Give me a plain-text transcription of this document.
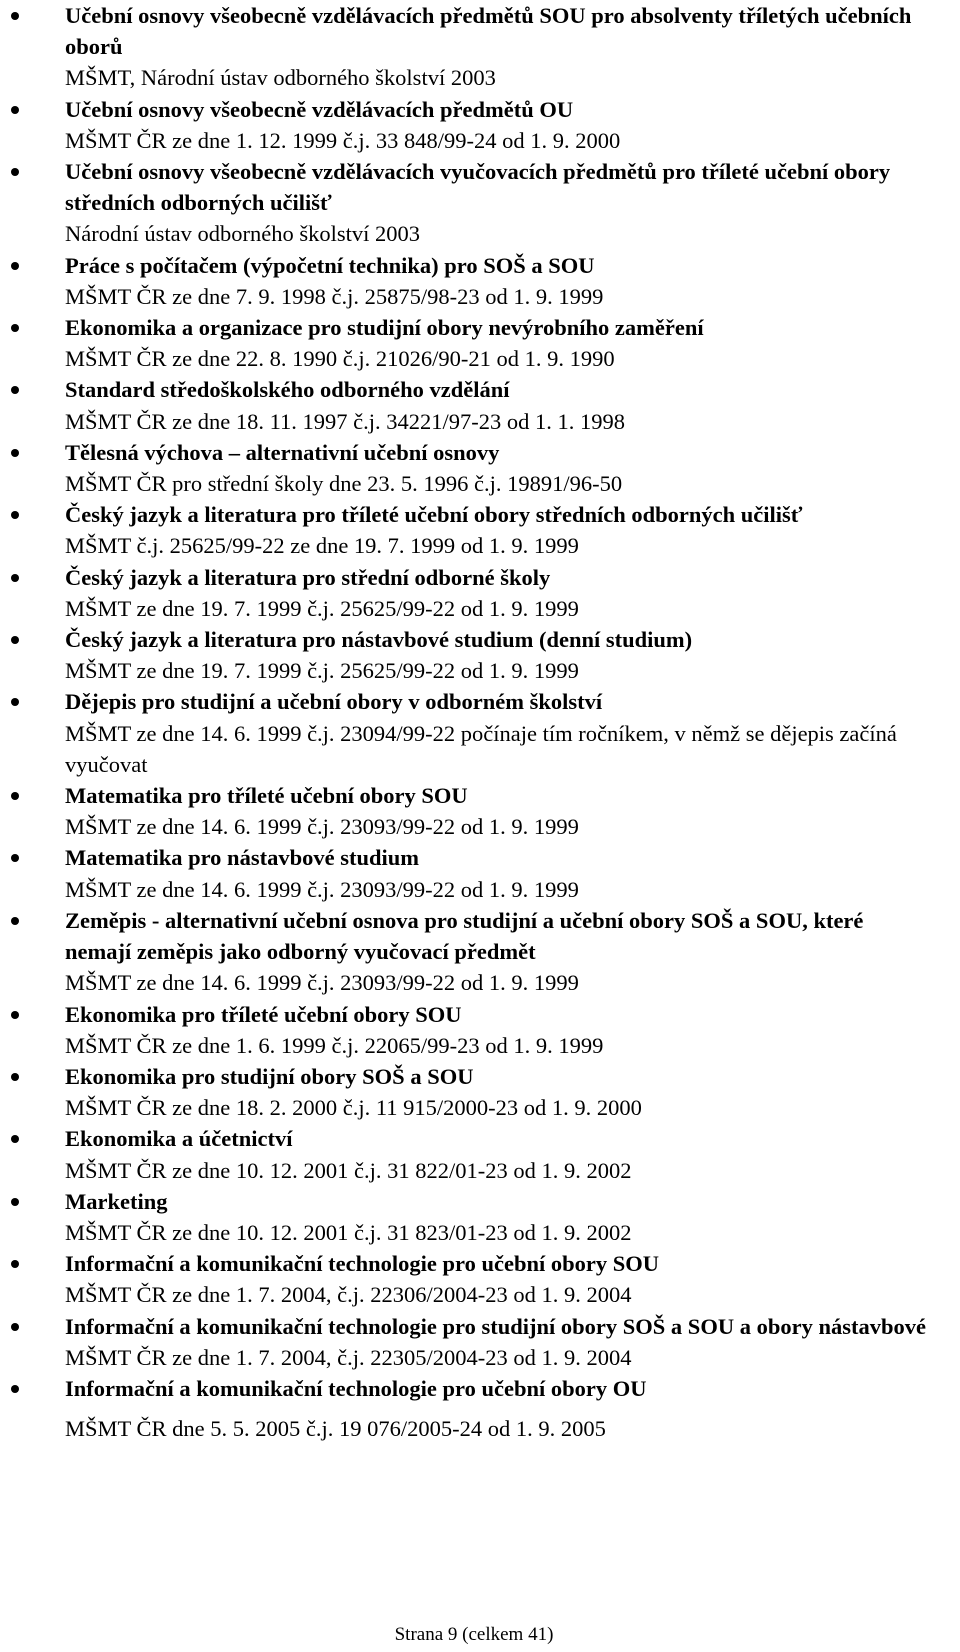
Učební osnovy všeobecně vzdělávacích předmětů SOU pro absolventy tříletých učebních oborů
MŠMT, Národní ústav odborného školství 2003
Učební osnovy všeobecně vzdělávacích předmětů OU
MŠMT ČR ze dne 1. 12. 1999 č.j. 33 848/99-24 od 1. 9. 2000
Učební osnovy všeobecně vzdělávacích vyučovacích předmětů pro tříleté učební obory středních odborných učilišť
Národní ústav odborného školství 2003
Práce s počítačem (výpočetní technika) pro SOŠ a SOU
MŠMT ČR ze dne 7. 9. 1998 č.j. 25875/98-23 od 1. 9. 1999
Ekonomika a organizace pro studijní obory nevýrobního zaměření
MŠMT ČR ze dne 22. 8. 1990 č.j. 21026/90-21 od 1. 9. 1990
Standard středoškolského odborného vzdělání
MŠMT ČR ze dne 18. 11. 1997 č.j. 34221/97-23 od 1. 1. 1998
Tělesná výchova – alternativní učební osnovy
MŠMT ČR pro střední školy dne 23. 5. 1996 č.j. 19891/96-50
Český jazyk a literatura pro tříleté učební obory středních odborných učilišť
MŠMT č.j. 25625/99-22 ze dne 19. 7. 1999 od 1. 9. 1999
Český jazyk a literatura pro střední odborné školy
MŠMT ze dne 19. 7. 1999 č.j. 25625/99-22 od 1. 9. 1999
Český jazyk a literatura pro nástavbové studium (denní studium)
MŠMT ze dne 19. 7. 1999 č.j. 25625/99-22 od 1. 9. 1999
Dějepis pro studijní a učební obory v odborném školství
MŠMT ze dne 14. 6. 1999 č.j. 23094/99-22 počínaje tím ročníkem, v němž se dějepis začíná vyučovat
Matematika pro tříleté učební obory SOU
MŠMT ze dne 14. 6. 1999 č.j. 23093/99-22 od 1. 9. 1999
Matematika pro nástavbové studium
MŠMT ze dne 14. 6. 1999 č.j. 23093/99-22 od 1. 9. 1999
Zeměpis - alternativní učební osnova pro studijní a učební obory SOŠ a SOU, které nemají zeměpis jako odborný vyučovací předmět
MŠMT ze dne 14. 6. 1999 č.j. 23093/99-22 od 1. 9. 1999
Ekonomika pro tříleté učební obory SOU
MŠMT ČR ze dne 1. 6. 1999 č.j. 22065/99-23 od 1. 9. 1999
Ekonomika pro studijní obory SOŠ a SOU
MŠMT ČR ze dne 18. 2. 2000 č.j. 11 915/2000-23 od 1. 9. 2000
Ekonomika a účetnictví
MŠMT ČR ze dne 10. 12. 2001 č.j. 31 822/01-23 od 1. 9. 2002
Marketing
MŠMT ČR ze dne 10. 12. 2001 č.j. 31 823/01-23 od 1. 9. 2002
Informační a komunikační technologie pro učební obory SOU
MŠMT ČR ze dne 1. 7. 2004, č.j. 22306/2004-23 od 1. 9. 2004
Informační a komunikační technologie pro studijní obory SOŠ a SOU a obory nástavbové
MŠMT ČR ze dne 1. 7. 2004, č.j. 22305/2004-23 od 1. 9. 2004
Informační a komunikační technologie pro učební obory OU
MŠMT ČR dne 5. 5. 2005 č.j. 19 076/2005-24 od 1. 9. 2005
Strana 9 (celkem 41)
